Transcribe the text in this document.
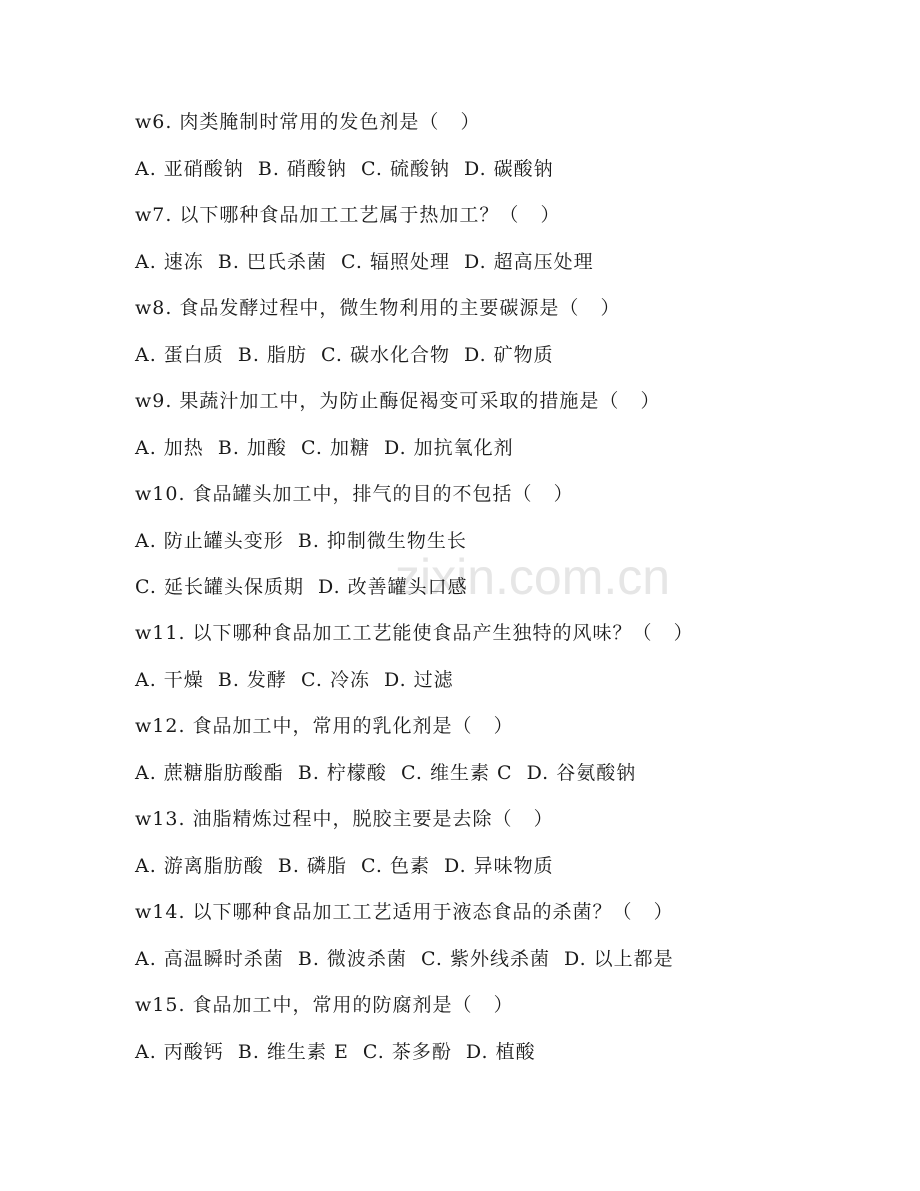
zixin.com.cn
w6. 肉类腌制时常用的发色剂是（   ）
A. 亚硝酸钠  B. 硝酸钠  C. 硫酸钠  D. 碳酸钠
w7. 以下哪种食品加工工艺属于热加工？（   ）
A. 速冻  B. 巴氏杀菌  C. 辐照处理  D. 超高压处理
w8. 食品发酵过程中，微生物利用的主要碳源是（   ）
A. 蛋白质  B. 脂肪  C. 碳水化合物  D. 矿物质
w9. 果蔬汁加工中，为防止酶促褐变可采取的措施是（   ）
A. 加热  B. 加酸  C. 加糖  D. 加抗氧化剂
w10. 食品罐头加工中，排气的目的不包括（   ）
A. 防止罐头变形  B. 抑制微生物生长
C. 延长罐头保质期  D. 改善罐头口感
w11. 以下哪种食品加工工艺能使食品产生独特的风味？（   ）
A. 干燥  B. 发酵  C. 冷冻  D. 过滤
w12. 食品加工中，常用的乳化剂是（   ）
A. 蔗糖脂肪酸酯  B. 柠檬酸  C. 维生素 C  D. 谷氨酸钠
w13. 油脂精炼过程中，脱胶主要是去除（   ）
A. 游离脂肪酸  B. 磷脂  C. 色素  D. 异味物质
w14. 以下哪种食品加工工艺适用于液态食品的杀菌？（   ）
A. 高温瞬时杀菌  B. 微波杀菌  C. 紫外线杀菌  D. 以上都是
w15. 食品加工中，常用的防腐剂是（   ）
A. 丙酸钙  B. 维生素 E  C. 茶多酚  D. 植酸
